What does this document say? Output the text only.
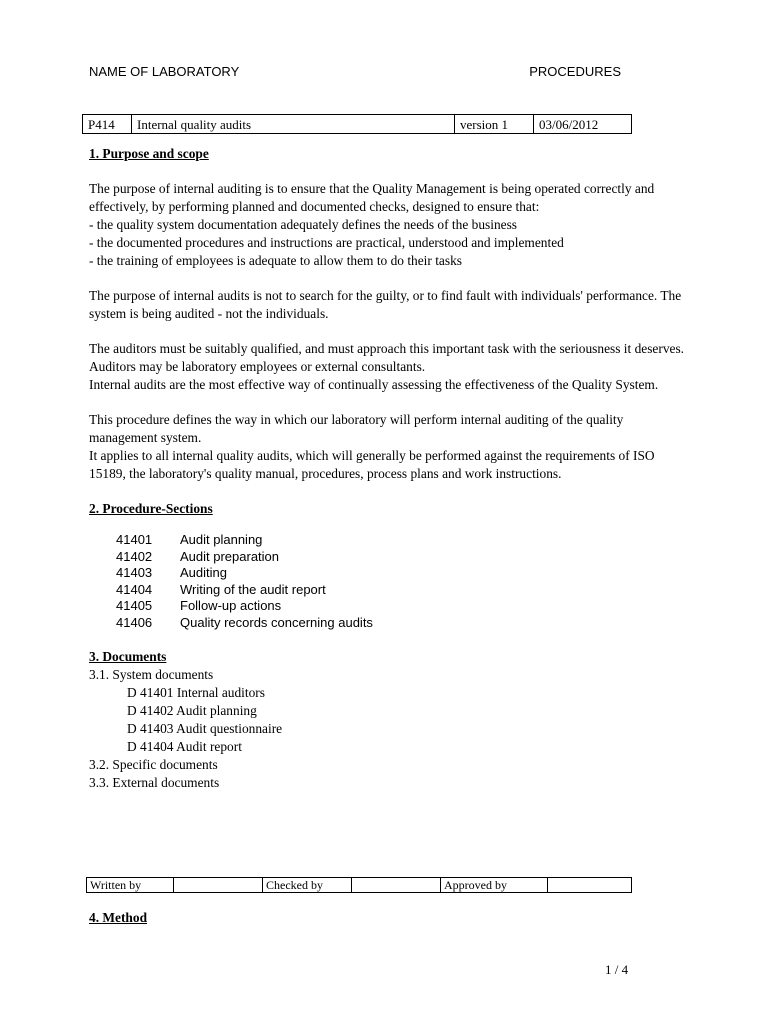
NAME OF LABORATORY	PROCEDURES
P414	Internal quality audits	version 1	03/06/2012

1. Purpose and scope

The purpose of internal auditing is to ensure that the Quality Management is being operated correctly and effectively, by performing planned and documented checks, designed to ensure that:

- the quality system documentation adequately defines the needs of the business

- the documented procedures and instructions are practical, understood and implemented

- the training of employees is adequate to allow them to do their tasks

The purpose of internal audits is not to search for the guilty, or to find fault with individuals' performance. The system is being audited - not the individuals.

The auditors must be suitably qualified, and must approach this important task with the seriousness it deserves. Auditors may be laboratory employees or external consultants.

Internal audits are the most effective way of continually assessing the effectiveness of the Quality System.

This procedure defines the way in which our laboratory will perform internal auditing of the quality management system.

It applies to all internal quality audits, which will generally be performed against the requirements of ISO 15189, the laboratory's quality manual, procedures, process plans and work instructions.

2. Procedure-Sections

41401	Audit planning
41402	Audit preparation
41403	Auditing
41404	Writing of the audit report
41405	Follow-up actions
41406	Quality records concerning audits

3. Documents

3.1. System documents

D 41401 Internal auditors

D 41402 Audit planning

D 41403 Audit questionnaire

D 41404 Audit report

3.2. Specific documents

3.3. External documents

Written by		Checked by		Approved by	
4. Method
1 / 4
